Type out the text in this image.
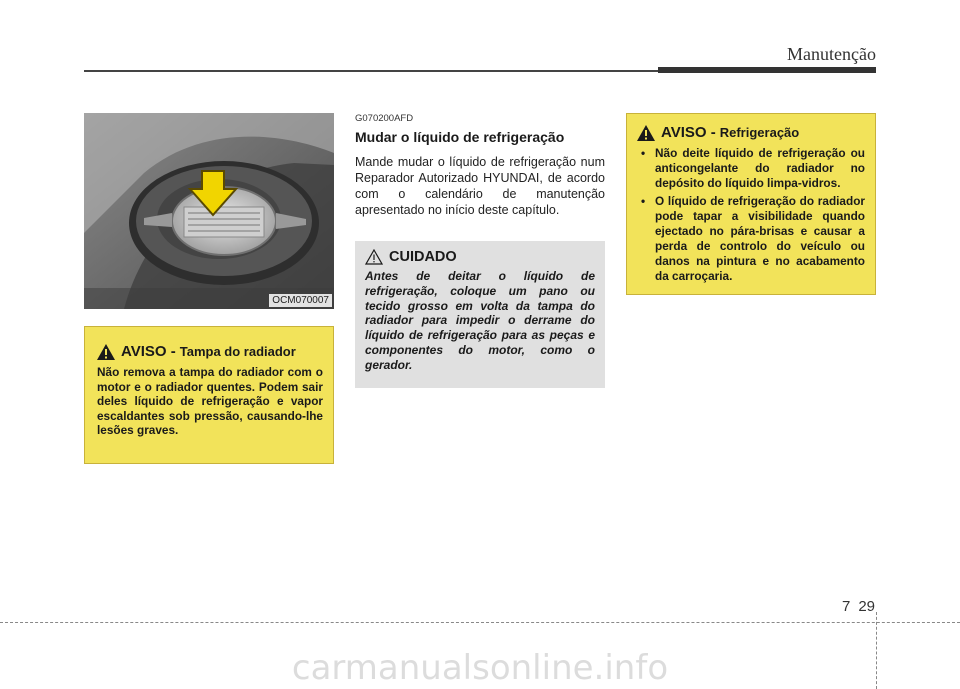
Manutenção
OCM070007
AVISO - Tampa do radiador
Não remova a tampa do radiador com o motor e o radiador quentes. Podem sair deles líquido de refrigeração e vapor escaldantes sob pressão, causando-lhe lesões graves.
G070200AFD
Mudar o líquido de refrigeração
Mande mudar o líquido de refrigeração num Reparador Autorizado HYUNDAI, de acordo com o calendário de manutenção apresentado no início deste capítulo.
CUIDADO
Antes de deitar o líquido de refrigeração, coloque um pano ou tecido grosso em volta da tampa do radiador para impedir o derrame do líquido de refrigeração para as peças e componentes do motor, como o gerador.
AVISO - Refrigeração
• Não deite líquido de refrigeração ou anticongelante do radiador no depósito do líquido limpa-vidros.
• O líquido de refrigeração do radiador pode tapar a visibilidade quando ejectado no pára-brisas e causar a perda de controlo do veículo ou danos na pintura e no acabamento da carroçaria.
7 29
carmanualsonline.info
